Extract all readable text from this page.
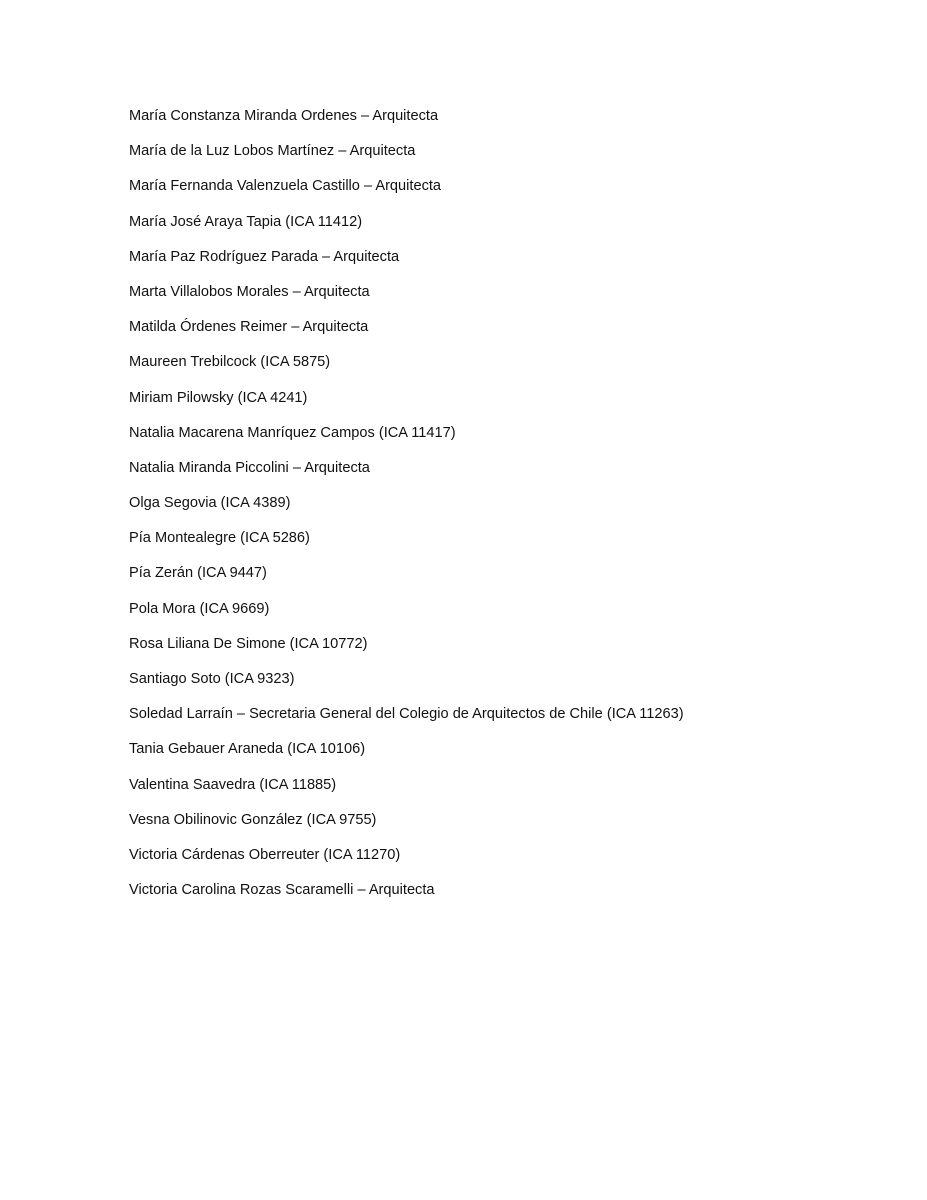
María Constanza Miranda Ordenes – Arquitecta
María de la Luz Lobos Martínez – Arquitecta
María Fernanda Valenzuela Castillo – Arquitecta
María José Araya Tapia (ICA 11412)
María Paz Rodríguez Parada – Arquitecta
Marta Villalobos Morales – Arquitecta
Matilda Órdenes Reimer – Arquitecta
Maureen Trebilcock (ICA 5875)
Miriam Pilowsky (ICA 4241)
Natalia Macarena Manríquez Campos (ICA 11417)
Natalia Miranda Piccolini – Arquitecta
Olga Segovia (ICA 4389)
Pía Montealegre (ICA 5286)
Pía Zerán (ICA 9447)
Pola Mora (ICA 9669)
Rosa Liliana De Simone (ICA 10772)
Santiago Soto (ICA 9323)
Soledad Larraín – Secretaria General del Colegio de Arquitectos de Chile (ICA 11263)
Tania Gebauer Araneda (ICA 10106)
Valentina Saavedra (ICA 11885)
Vesna Obilinovic González (ICA 9755)
Victoria Cárdenas Oberreuter (ICA 11270)
Victoria Carolina Rozas Scaramelli – Arquitecta
